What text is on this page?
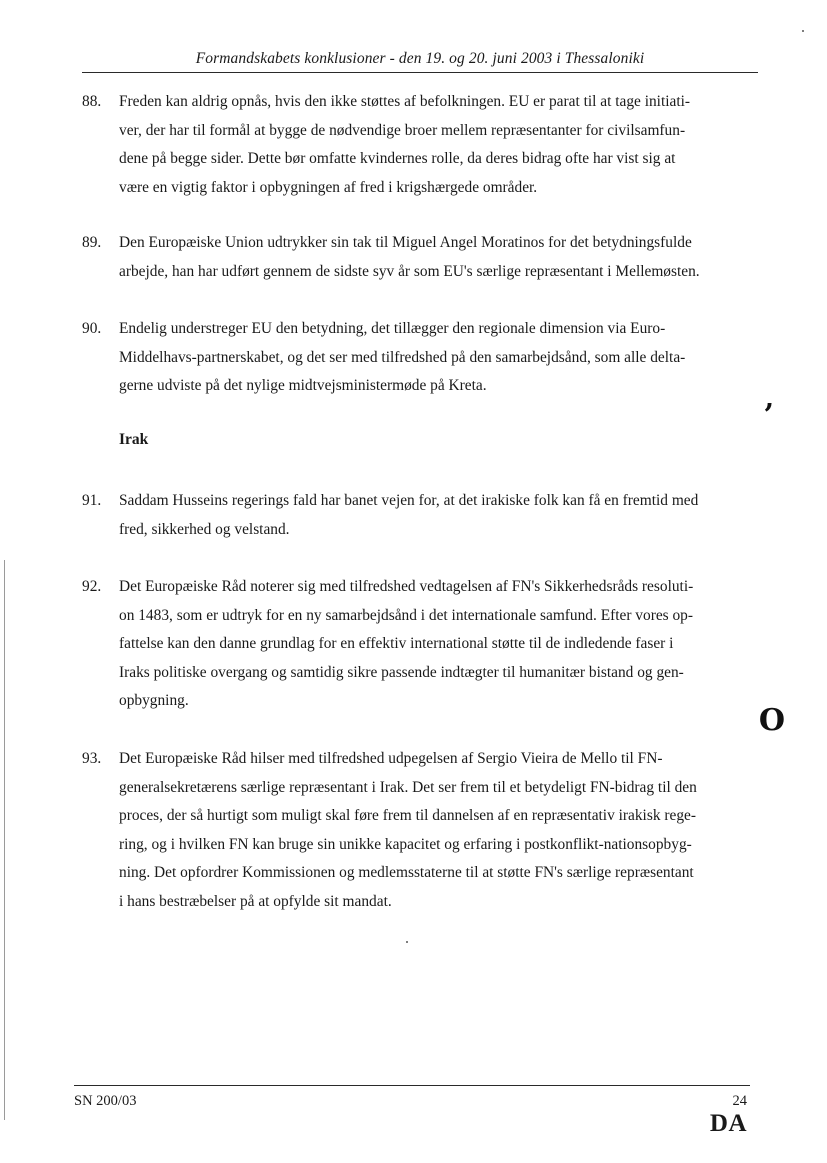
Formandskabets konklusioner - den 19. og 20. juni 2003 i Thessaloniki
88.	Freden kan aldrig opnås, hvis den ikke støttes af befolkningen. EU er parat til at tage initiati-
ver, der har til formål at bygge de nødvendige broer mellem repræsentanter for civilsamfun-
dene på begge sider. Dette bør omfatte kvindernes rolle, da deres bidrag ofte har vist sig at
være en vigtig faktor i opbygningen af fred i krigshærgede områder.
89.	Den Europæiske Union udtrykker sin tak til Miguel Angel Moratinos for det betydningsfulde
arbejde, han har udført gennem de sidste syv år som EU's særlige repræsentant i Mellemøsten.
90.	Endelig understreger EU den betydning, det tillægger den regionale dimension via Euro-
Middelhavs-partnerskabet, og det ser med tilfredshed på den samarbejdsånd, som alle delta-
gerne udviste på det nylige midtvejsministermøde på Kreta.
Irak
91.	Saddam Husseins regerings fald har banet vejen for, at det irakiske folk kan få en fremtid med
fred, sikkerhed og velstand.
92.	Det Europæiske Råd noterer sig med tilfredshed vedtagelsen af FN's Sikkerhedsråds resoluti-
on 1483, som er udtryk for en ny samarbejdsånd i det internationale samfund. Efter vores op-
fattelse kan den danne grundlag for en effektiv international støtte til de indledende faser i
Iraks politiske overgang og samtidig sikre passende indtægter til humanitær bistand og gen-
opbygning.
93.	Det Europæiske Råd hilser med tilfredshed udpegelsen af Sergio Vieira de Mello til FN-
generalsekretærens særlige repræsentant i Irak. Det ser frem til et betydeligt FN-bidrag til den
proces, der så hurtigt som muligt skal føre frem til dannelsen af en repræsentativ irakisk rege-
ring, og i hvilken FN kan bruge sin unikke kapacitet og erfaring i postkonflikt-nationsopbyg-
ning. Det opfordrer Kommissionen og medlemsstaterne til at støtte FN's særlige repræsentant
i hans bestræbelser på at opfylde sit mandat.
’
O
SN 200/03	24
DA
